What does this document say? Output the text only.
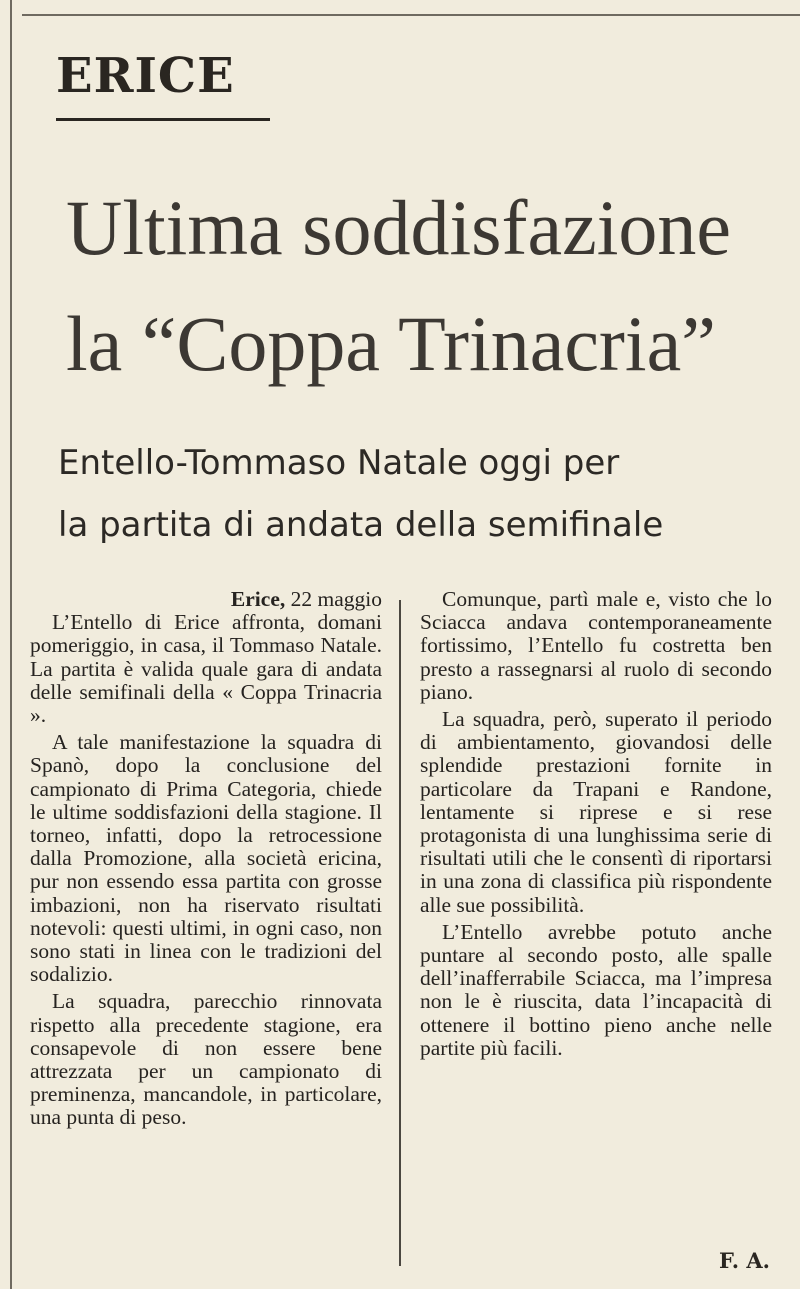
ERICE
Ultima soddisfazione
la “Coppa Trinacria”
Entello-Tommaso Natale oggi per
la partita di andata della semifinale
Erice, 22 maggio

L’Entello di Erice affronta, domani pomeriggio, in casa, il Tommaso Natale. La partita è valida quale gara di andata delle semifinali della « Coppa Trinacria ».

A tale manifestazione la squadra di Spanò, dopo la conclusione del campionato di Prima Categoria, chiede le ultime soddisfazioni della stagione. Il torneo, infatti, dopo la retrocessione dalla Promozione, alla società ericina, pur non essendo essa partita con grosse imbazioni, non ha riservato risultati notevoli: questi ultimi, in ogni caso, non sono stati in linea con le tradizioni del sodalizio.

La squadra, parecchio rinnovata rispetto alla precedente stagione, era consapevole di non essere bene attrezzata per un campionato di preminenza, mancandole, in particolare, una punta di peso.

Comunque, partì male e, visto che lo Sciacca andava contemporaneamente fortissimo, l’Entello fu costretta ben presto a rassegnarsi al ruolo di secondo piano.

La squadra, però, superato il periodo di ambientamento, giovandosi delle splendide prestazioni fornite in particolare da Trapani e Randone, lentamente si riprese e si rese protagonista di una lunghissima serie di risultati utili che le consentì di riportarsi in una zona di classifica più rispondente alle sue possibilità.

L’Entello avrebbe potuto anche puntare al secondo posto, alle spalle dell’inafferrabile Sciacca, ma l’impresa non le è riuscita, data l’incapacità di ottenere il bottino pieno anche nelle partite più facili.

F. A.
